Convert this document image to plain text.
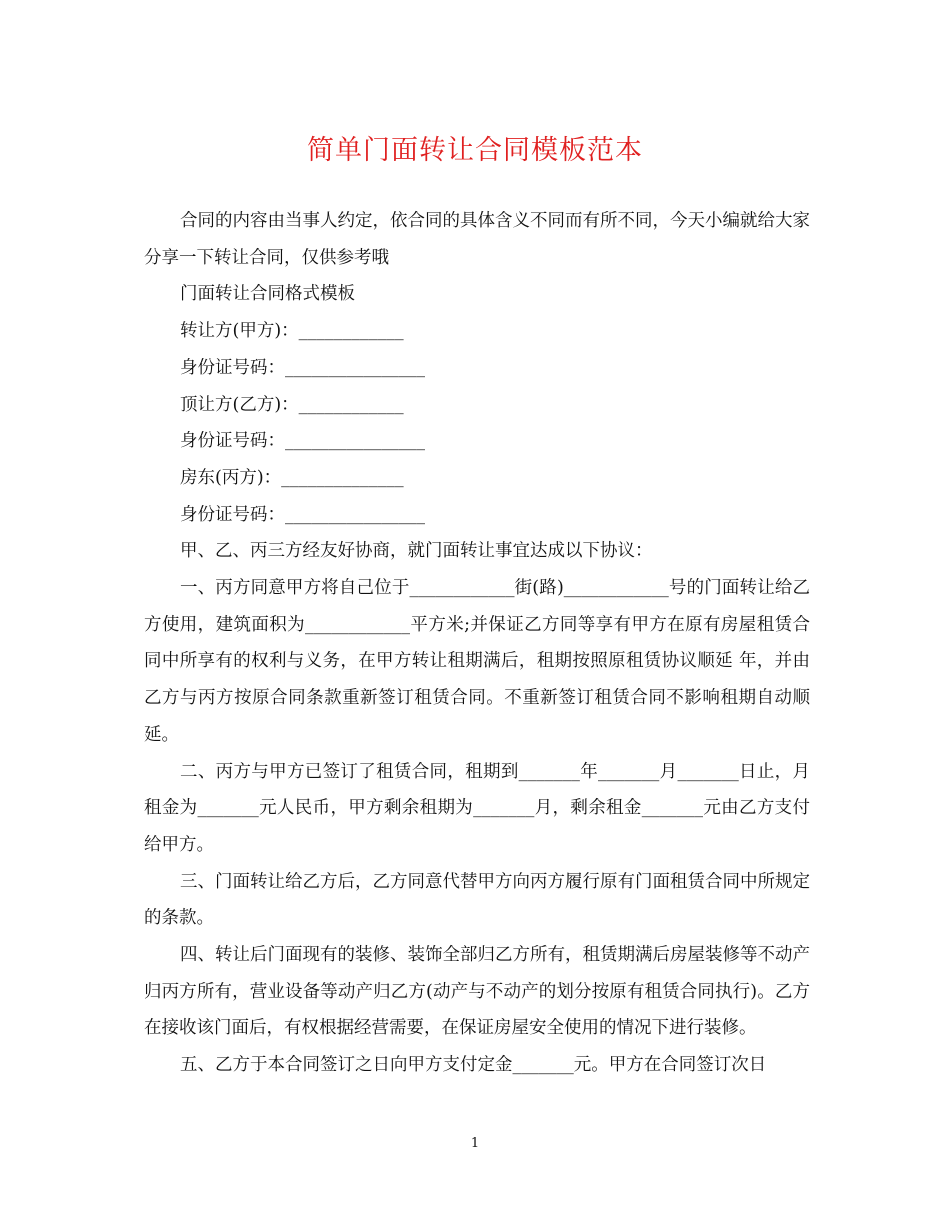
简单门面转让合同模板范本

合同的内容由当事人约定，依合同的具体含义不同而有所不同，今天小编就给大家分享一下转让合同，仅供参考哦

门面转让合同格式模板

转让方(甲方)：____________

身份证号码：________________

顶让方(乙方)：____________

身份证号码：________________

房东(丙方)：______________

身份证号码：________________

甲、乙、丙三方经友好协商，就门面转让事宜达成以下协议：

一、丙方同意甲方将自己位于____________街(路)____________号的门面转让给乙方使用，建筑面积为____________平方米;并保证乙方同等享有甲方在原有房屋租赁合同中所享有的权利与义务，在甲方转让租期满后，租期按照原租赁协议顺延 年，并由乙方与丙方按原合同条款重新签订租赁合同。不重新签订租赁合同不影响租期自动顺延。

二、丙方与甲方已签订了租赁合同，租期到_______年_______月_______日止，月租金为_______元人民币，甲方剩余租期为_______月，剩余租金_______元由乙方支付给甲方。

三、门面转让给乙方后，乙方同意代替甲方向丙方履行原有门面租赁合同中所规定的条款。

四、转让后门面现有的装修、装饰全部归乙方所有，租赁期满后房屋装修等不动产归丙方所有，营业设备等动产归乙方(动产与不动产的划分按原有租赁合同执行)。乙方在接收该门面后，有权根据经营需要，在保证房屋安全使用的情况下进行装修。

五、乙方于本合同签订之日向甲方支付定金_______元。甲方在合同签订次日

1
